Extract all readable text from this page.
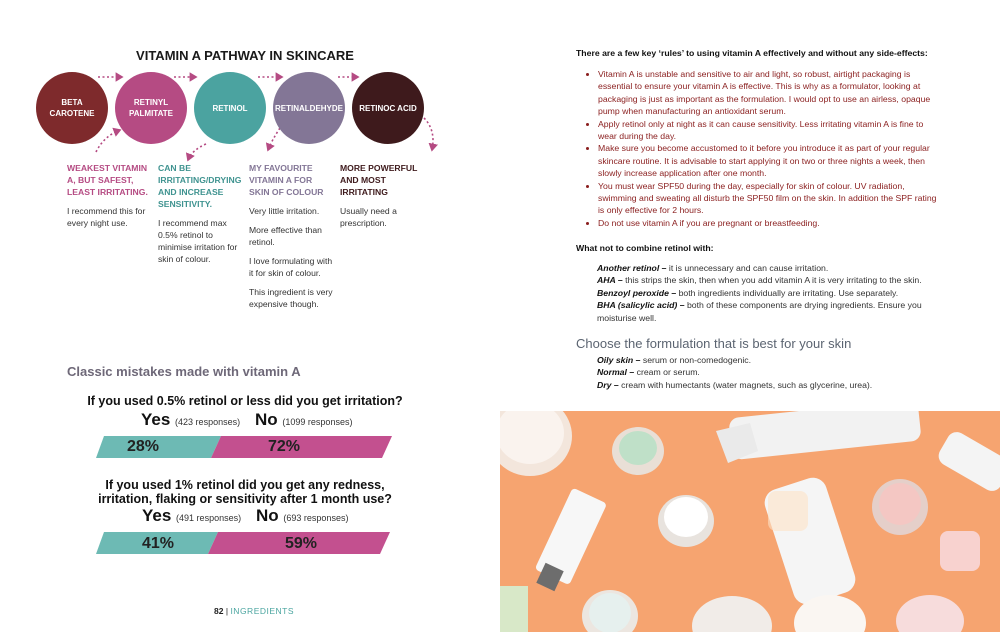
VITAMIN A PATHWAY IN SKINCARE
BETA CAROTENE
RETINYL PALMITATE
RETINOL	RETINALDEHYDE	RETINOC ACID
WEAKEST VITAMIN A, BUT SAFEST, LEAST IRRITATING.

I recommend this for every night use.

CAN BE IRRITATING/DRYING AND INCREASE SENSITIVITY.

I recommend max 0.5% retinol to minimise irritation for skin of colour.

MY FAVOURITE VITAMIN A FOR SKIN OF COLOUR

Very little irritation.

More effective than retinol.

I love formulating with it for skin of colour.

This ingredient is very expensive though.

MORE POWERFUL AND MOST IRRITATING

Usually need a prescription.

Classic mistakes made with vitamin A
If you used 0.5% retinol or less did you get irritation?
Yes (423 responses) No (1099 responses)
28%	72%
If you used 1% retinol did you get any redness, irritation, flaking or sensitivity after 1 month use?
Yes (491 responses) No (693 responses)
41%	59%
82 | INGREDIENTS
There are a few key ‘rules’ to using vitamin A effectively and without any side-effects:
• Vitamin A is unstable and sensitive to air and light, so robust, airtight packaging is essential to ensure your vitamin A is effective. This is why as a formulator, looking at packaging is just as important as the formulation. I would opt to use an airless, opaque pump when manufacturing an antioxidant serum.
• Apply retinol only at night as it can cause sensitivity. Less irritating vitamin A is fine to wear during the day.
• Make sure you become accustomed to it before you introduce it as part of your regular skincare routine. It is advisable to start applying it on two or three nights a week, then slowly increase application after one month.
• You must wear SPF50 during the day, especially for skin of colour. UV radiation, swimming and sweating all disturb the SPF50 film on the skin. In addition the SPF rating is only effective for 2 hours.
• Do not use vitamin A if you are pregnant or breastfeeding.
What not to combine retinol with:
Another retinol – it is unnecessary and can cause irritation.
AHA – this strips the skin, then when you add vitamin A it is very irritating to the skin.
Benzoyl peroxide – both ingredients individually are irritating. Use separately.
BHA (salicylic acid) – both of these components are drying ingredients. Ensure you moisturise well.
Choose the formulation that is best for your skin
Oily skin – serum or non-comedogenic.
Normal – cream or serum.
Dry – cream with humectants (water magnets, such as glycerine, urea).
